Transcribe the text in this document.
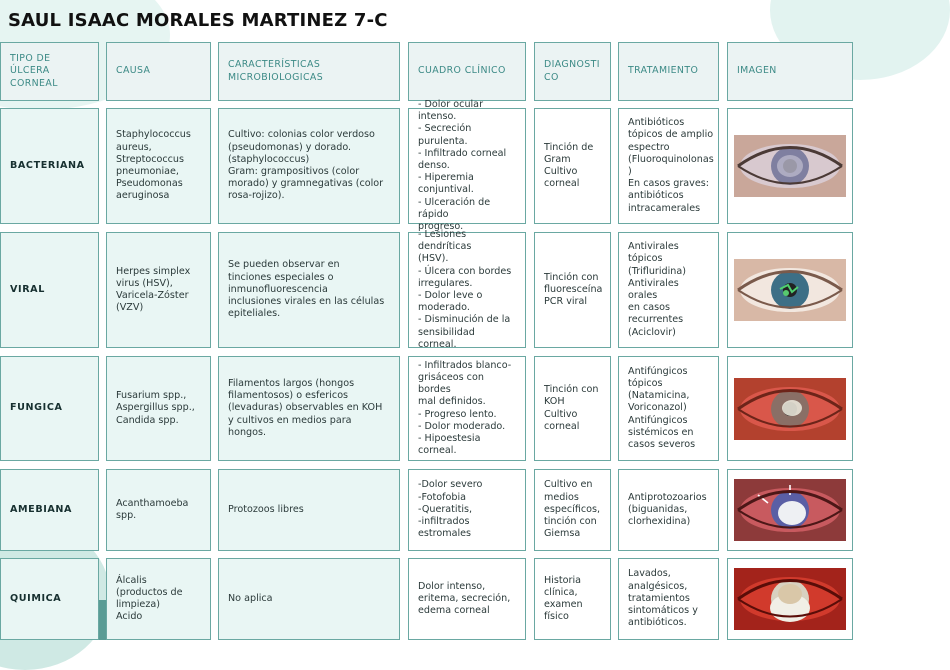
SAUL ISAAC MORALES MARTINEZ 7-C
TIPO DE
ÚLCERA
CORNEAL
CAUSA
CARACTERÍSTICAS
MICROBIOLOGICAS
CUADRO CLÍNICO
DIAGNOSTI
CO
TRATAMIENTO	IMAGEN
BACTERIANA
Staphylococcus
aureus,
Streptococcus
pneumoniae,
Pseudomonas
aeruginosa
Cultivo: colonias color verdoso
(pseudomonas) y dorado.
(staphylococcus)
Gram: grampositivos (color
morado) y gramnegativas (color
rosa-rojizo).
- Dolor ocular intenso.
- Secreción purulenta.
- Infiltrado corneal
denso.
- Hiperemia
conjuntival.
- Ulceración de rápido
progreso.
Tinción de
Gram
Cultivo
corneal
Antibióticos
tópicos de amplio
espectro
(Fluoroquinolonas
)
En casos graves:
antibióticos
intracamerales
VIRAL
Herpes simplex
virus (HSV),
Varicela-Zóster
(VZV)
Se pueden observar en
tinciones especiales o
inmunofluorescencia
inclusiones virales en las células
epiteliales.
- Lesiones dendríticas
(HSV).
- Úlcera con bordes
irregulares.
- Dolor leve o
moderado.
- Disminución de la
sensibilidad corneal.
Tinción con
fluoresceína
PCR viral
Antivirales tópicos
(Trifluridina)
Antivirales orales
en casos
recurrentes
(Aciclovir)
FUNGICA
Fusarium spp.,
Aspergillus spp.,
Candida spp.
Filamentos largos (hongos
filamentosos) o esfericos
(levaduras) observables en KOH
y cultivos en medios para
hongos.
- Infiltrados blanco-
grisáceos con bordes
mal definidos.
- Progreso lento.
- Dolor moderado.
- Hipoestesia corneal.
Tinción con
KOH
Cultivo
corneal
Antifúngicos
tópicos
(Natamicina,
Voriconazol)
Antifúngicos
sistémicos en
casos severos
AMEBIANA
Acanthamoeba
spp.
Protozoos libres
-Dolor severo
-Fotofobia
-Queratitis,
-infiltrados estromales
Cultivo en
medios
específicos,
tinción con
Giemsa
Antiprotozoarios
(biguanidas,
clorhexidina)
QUIMICA
Álcalis
(productos de
limpieza)
Acido
No aplica
Dolor intenso,
eritema, secreción,
edema corneal
Historia
clínica,
examen
físico
Lavados,
analgésicos,
tratamientos
sintomáticos y
antibióticos.
